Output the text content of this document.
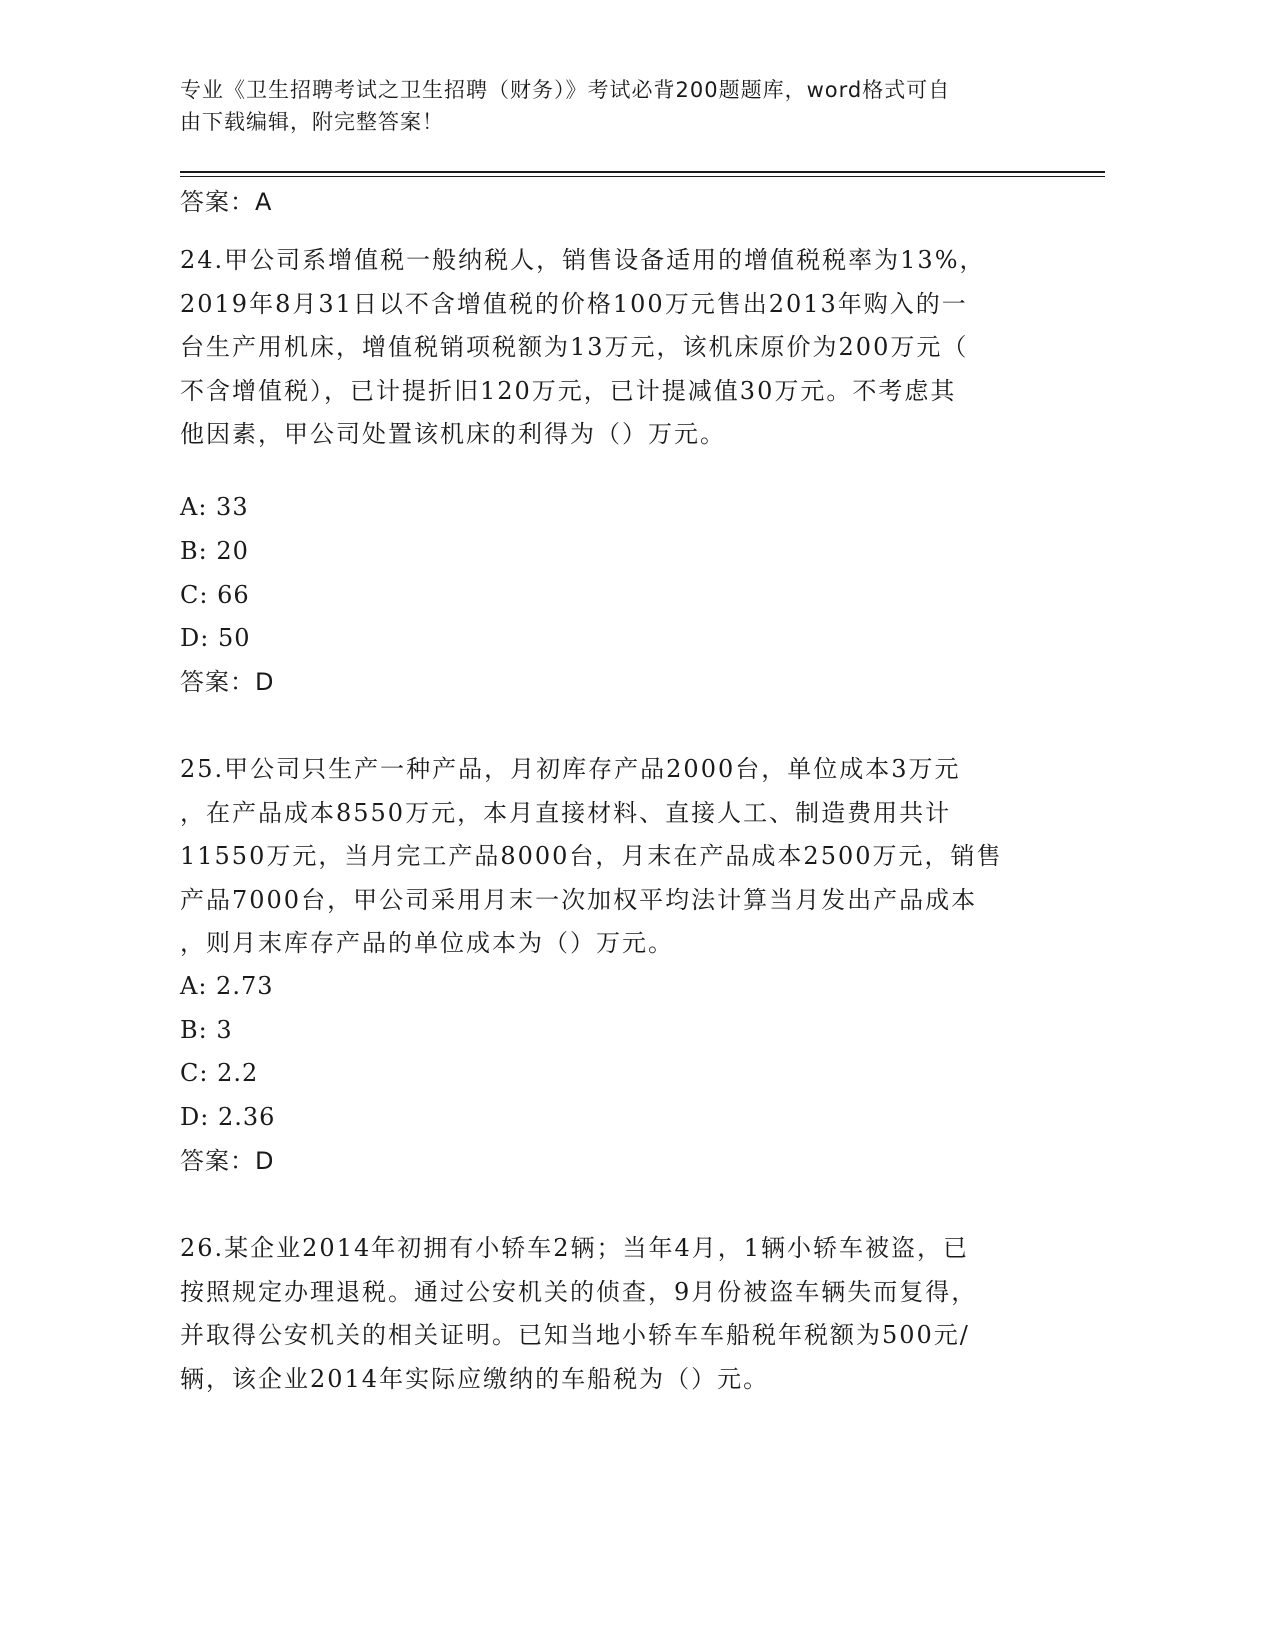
专业《卫生招聘考试之卫生招聘（财务）》考试必背200题题库，word格式可自
由下载编辑，附完整答案！
答案：A
24.甲公司系增值税一般纳税人，销售设备适用的增值税税率为13%，
2019年8月31日以不含增值税的价格100万元售出2013年购入的一
台生产用机床，增值税销项税额为13万元，该机床原价为200万元（
不含增值税），已计提折旧120万元，已计提减值30万元。不考虑其
他因素，甲公司处置该机床的利得为（）万元。
A: 33
B: 20
C: 66
D: 50
答案：D
25.甲公司只生产一种产品，月初库存产品2000台，单位成本3万元
，在产品成本8550万元，本月直接材料、直接人工、制造费用共计
11550万元，当月完工产品8000台，月末在产品成本2500万元，销售
产品7000台，甲公司采用月末一次加权平均法计算当月发出产品成本
，则月末库存产品的单位成本为（）万元。
A: 2.73
B: 3
C: 2.2
D: 2.36
答案：D
26.某企业2014年初拥有小轿车2辆；当年4月，1辆小轿车被盗，已
按照规定办理退税。通过公安机关的侦查，9月份被盗车辆失而复得，
并取得公安机关的相关证明。已知当地小轿车车船税年税额为500元/
辆，该企业2014年实际应缴纳的车船税为（）元。
